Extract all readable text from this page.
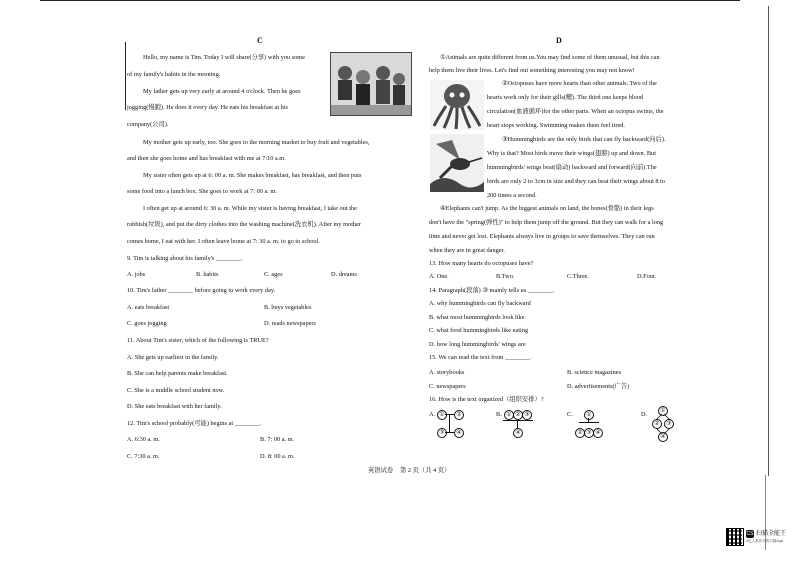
C
Hello, my name is Tim. Today I will share(分享) with you some
of my family's habits in the morning.
My father gets up very early at around 4 o'clock. Then he goes
jogging(慢跑). He does it every day. He eats his breakfast at his
company(公司).
My mother gets up early, too. She goes to the morning market to buy fruit and vegetables,
and then she goes home and has breakfast with me at 7:10 a.m.
My sister often gets up at 6: 00 a. m. She makes breakfast, has breakfast, and then puts
some food into a lunch box. She goes to work at 7: 00 a. m.
I often get up at around 6: 30 a. m. While my sister is having breakfast, I take out the
rubbish(垃圾), and put the dirty clothes into the washing machine(洗衣机). After my mother
comes home, I eat with her. I often leave home at 7: 30 a. m. to go to school.
9. Tim is talking about his family's ________.
A. jobs	B. habits	C. ages	D. dreams
10. Tim's father ________ before going to work every day.
A. eats breakfast	B. buys vegetables
C. goes jogging	D. reads newspapers
11. About Tim's sister, which of the following is TRUE?
A. She gets up earliest in the family.
B. She can help parents make breakfast.
C. She is a middle school student now.
D. She eats breakfast with her family.
12. Tim's school probably(可能) begins at ________.
A. 6:30 a. m.	B. 7: 00 a. m.
C. 7:30 a. m.	D. 8: 00 a. m.
D
①Animals are quite different from us.You may find some of them unusual, but this can
help them live their lives. Let's find out something interesting you may not know!
②Octopuses have more hearts than other animals. Two of the
hearts work only for their gills(鳃). The third one keeps blood
circulation(血液循环)for the other parts. When an octopus swims, the
heart stops working. Swimming makes them feel tired.
③Hummingbirds are the only birds that can fly backward(向后).
Why is that? Most birds move their wings(翅膀) up and down. But
hummingbirds' wings beat(扇动) backward and forward(向前).The
birds are only 2 to 3cm in size and they can beat their wings about 8 to
200 times a second.
④Elephants can't jump. As the biggest animals on land, the bones(骨骼) in their legs
don't have the "spring(弹性)" to help them jump off the ground. But they can walk for a long
time and never get lost. Elephants always live in groups to save themselves. They can run
when they are in great danger.
13. How many hearts do octopuses have?
A. One.	B.Two.	C.Three.	D.Four.
14. Paragraph(段落) ③ mainly tells us ________.
A. why hummingbirds can fly backward
B. what most hummingbirds look like
C. what food hummingbirds like eating
D. how long hummingbirds' wings are
15. We can read the text from ________.
A. storybooks	B. science magazines
C. newspapers	D. advertisements(广告)
16. How is the text organized（组织安排）?
A. ①	②
③	④
B. ① ② ③
④
C.	①
② ③ ④
D.	①
②	③
④
英语试卷 第 2 页（共 4 页）
CS 扫描全能王
3亿人都在用的扫描App
